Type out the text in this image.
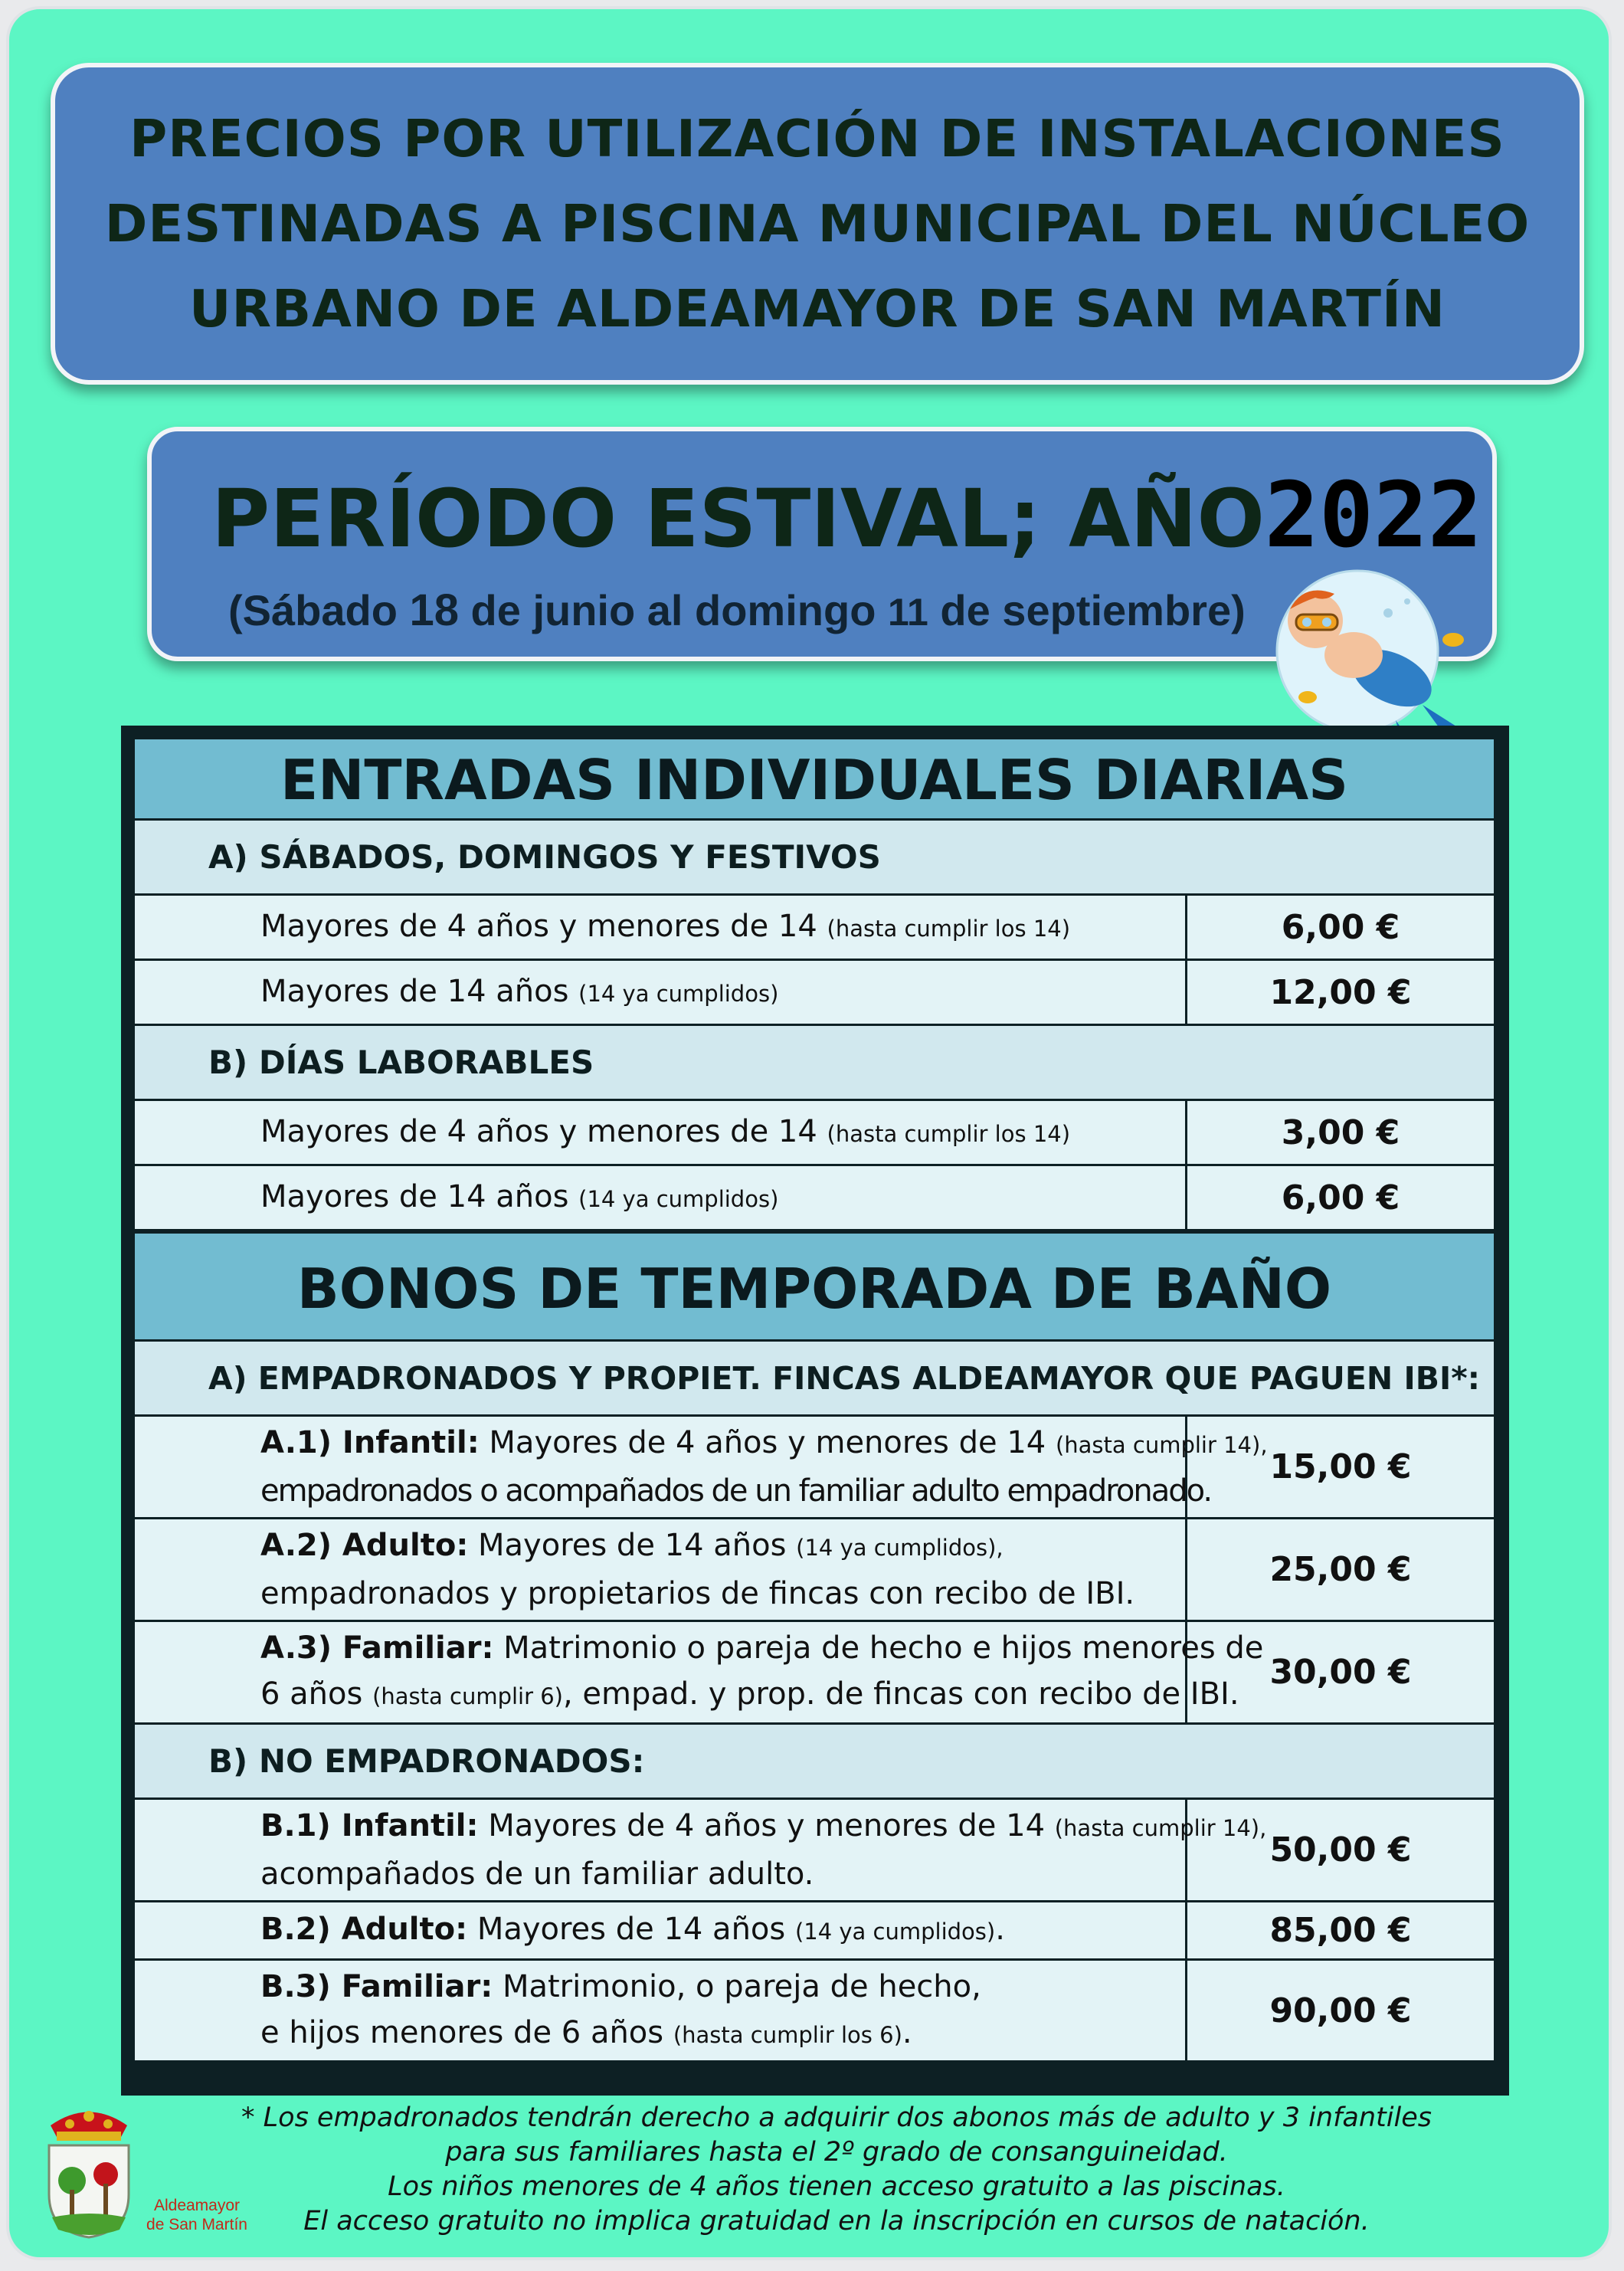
PRECIOS POR UTILIZACIÓN DE INSTALACIONES
DESTINADAS A PISCINA MUNICIPAL DEL NÚCLEO
URBANO DE ALDEAMAYOR DE SAN MARTÍN
PERÍODO ESTIVAL; AÑO2022
(Sábado 18 de junio al domingo 11 de septiembre)
ENTRADAS INDIVIDUALES DIARIAS
A) SÁBADOS, DOMINGOS Y FESTIVOS
Mayores de 4 años y menores de 14 (hasta cumplir los 14)	6,00 €
Mayores de 14 años (14 ya cumplidos)	12,00 €
B) DÍAS LABORABLES
Mayores de 4 años y menores de 14 (hasta cumplir los 14)	3,00 €
Mayores de 14 años (14 ya cumplidos)	6,00 €
BONOS DE TEMPORADA DE BAÑO
A) EMPADRONADOS Y PROPIET. FINCAS ALDEAMAYOR QUE PAGUEN IBI*:
A.1) Infantil: Mayores de 4 años y menores de 14 (hasta cumplir 14),
empadronados o acompañados de un familiar adulto empadronado.
15,00 €
A.2) Adulto: Mayores de 14 años (14 ya cumplidos),
empadronados y propietarios de fincas con recibo de IBI.
25,00 €
A.3) Familiar: Matrimonio o pareja de hecho e hijos menores de
6 años (hasta cumplir 6), empad. y prop. de fincas con recibo de IBI.
30,00 €
B) NO EMPADRONADOS:
B.1) Infantil: Mayores de 4 años y menores de 14 (hasta cumplir 14),
acompañados de un familiar adulto.
50,00 €
B.2) Adulto: Mayores de 14 años (14 ya cumplidos).	85,00 €
B.3) Familiar: Matrimonio, o pareja de hecho,
e hijos menores de 6 años (hasta cumplir los 6).
90,00 €
Aldeamayor
de San Martín
* Los empadronados tendrán derecho a adquirir dos abonos más de adulto y 3 infantiles
para sus familiares hasta el 2º grado de consanguineidad.
Los niños menores de 4 años tienen acceso gratuito a las piscinas.
El acceso gratuito no implica gratuidad en la inscripción en cursos de natación.
